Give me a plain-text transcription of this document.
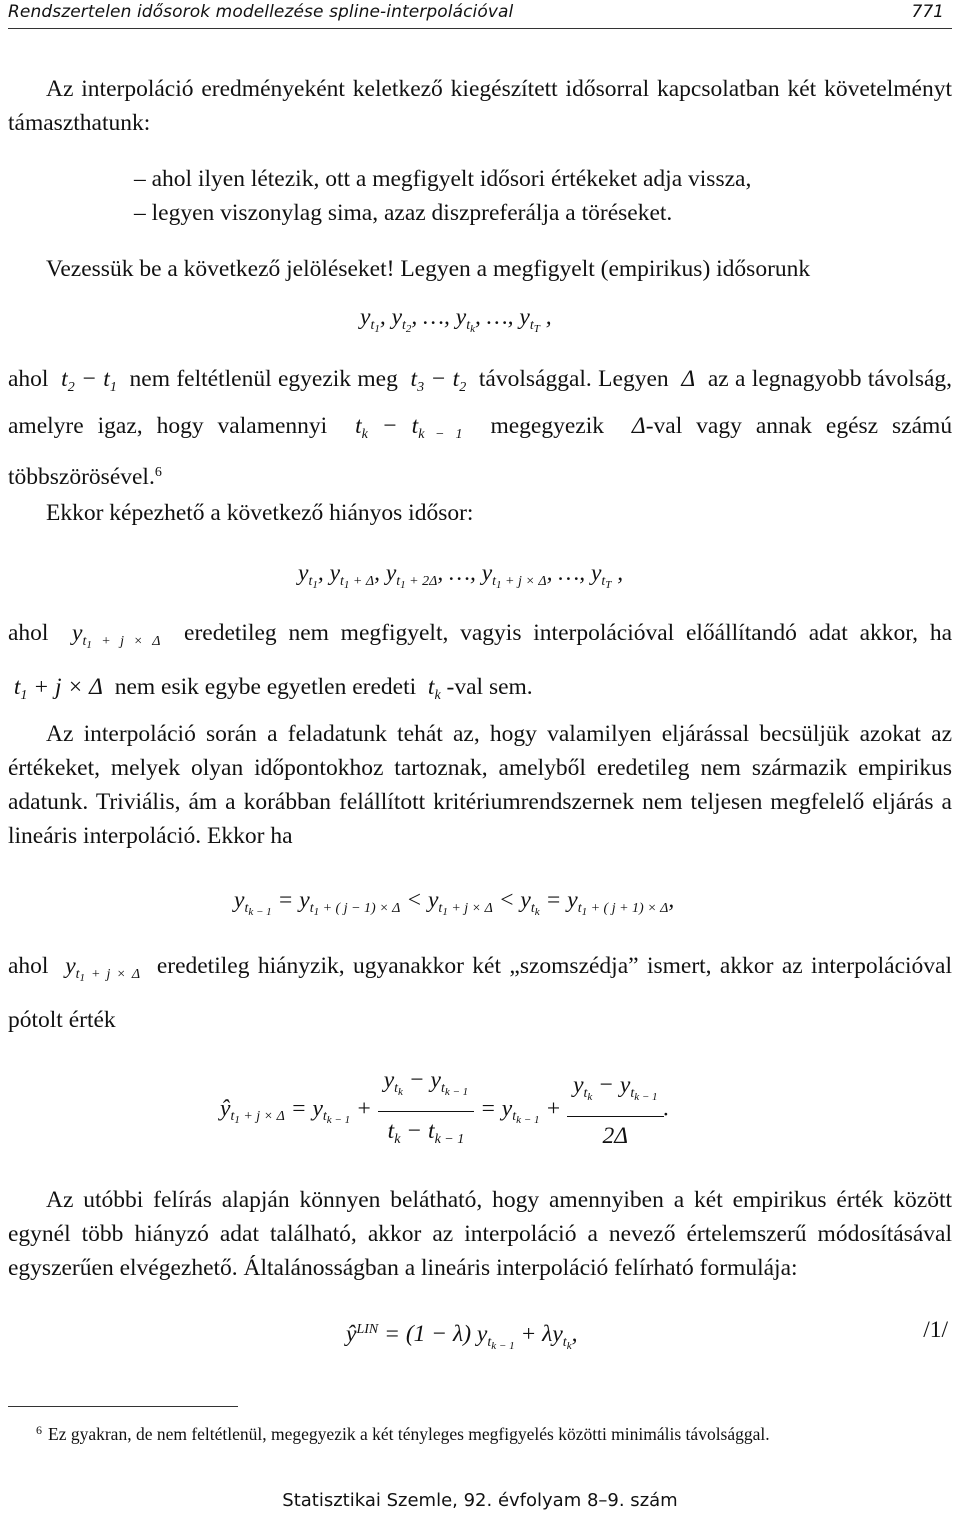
Rendszertelen idősorok modellezése spline-interpolációval	771

Az interpoláció eredményeként keletkező kiegészített idősorral kapcsolatban két követelményt támaszthatunk:

– ahol ilyen létezik, ott a megfigyelt idősori értékeket adja vissza,
– legyen viszonylag sima, azaz diszpreferálja a töréseket.

Vezessük be a következő jelöléseket! Legyen a megfigyelt (empirikus) idősorunk

$y_{t_1}$, $y_{t_2}$, …, $y_{t_k}$, …, $y_{t_T}$ ,

ahol  $t_2 - t_1$ nem feltétlenül egyezik meg  $t_3 - t_2$ távolsággal. Legyen  Δ  az a legnagyobb távolság, amelyre igaz, hogy valamennyi  $t_k - t_{k - 1}$ megegyezik  Δ-val vagy annak egész számú többszörösével.$^6$

Ekkor képezhető a következő hiányos idősor:

$y_{t_1}$, $y_{t_1 + \Delta}$, $y_{t_1 + 2\Delta}$, …, $y_{t_1 + j \times \Delta}$, …, $y_{t_T}$ ,

ahol  $y_{t_1 + j \times \Delta}$ eredetileg nem megfigyelt, vagyis interpolációval előállítandó adat akkor, ha  $t_1 + j \times \Delta$  nem esik egybe egyetlen eredeti  $t_k$ -val sem.

Az interpoláció során a feladatunk tehát az, hogy valamilyen eljárással becsüljük azokat az értékeket, melyek olyan időpontokhoz tartoznak, amelyből eredetileg nem származik empirikus adatunk. Triviális, ám a korábban felállított kritériumrendszernek nem teljesen megfelelő eljárás a lineáris interpoláció. Ekkor ha

$y_{t_{k - 1}} = y_{t_1 + ( j - 1) \times \Delta} < y_{t_1 + j \times \Delta} < y_{t_k} = y_{t_1 + ( j + 1) \times \Delta}$,

ahol  $y_{t_1 + j \times \Delta}$ eredetileg hiányzik, ugyanakkor két „szomszédja” ismert, akkor az interpolációval pótolt érték

$ŷ_{t_1 + j \times \Delta} = y_{t_{k - 1}} + \frac{y_{t_k} - y_{t_{k - 1}}}{t_k - t_{k - 1}} = y_{t_{k - 1}} + \frac{y_{t_k} - y_{t_{k - 1}}}{2\Delta}$ .

Az utóbbi felírás alapján könnyen belátható, hogy amennyiben a két empirikus érték között egynél több hiányzó adat található, akkor az interpoláció a nevező értelemszerű módosításával egyszerűen elvégezhető. Általánosságban a lineáris interpoláció felírható formulája:

$ŷ^{LIN} = (1 - \lambda) y_{t_{k - 1}} + \lambda y_{t_k}$,	/1/
$^6$ Ez gyakran, de nem feltétlenül, megegyezik a két tényleges megfigyelés közötti minimális távolsággal.
Statisztikai Szemle, 92. évfolyam 8–9. szám
